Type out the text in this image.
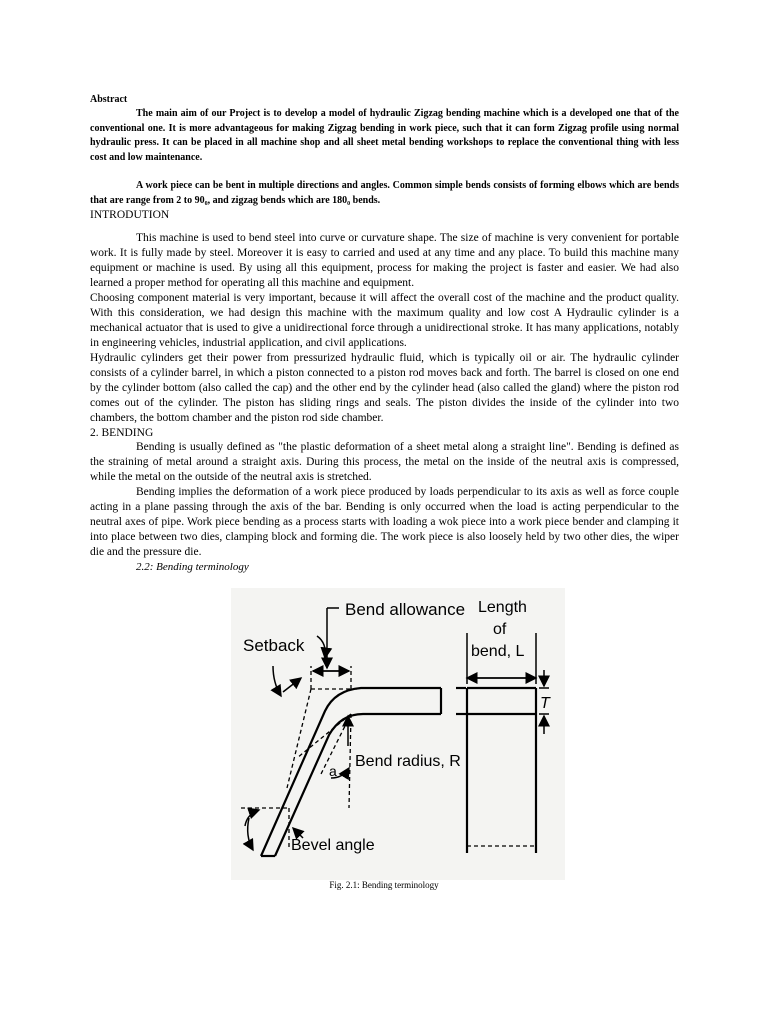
Abstract

The main aim of our Project is to develop a model of hydraulic Zigzag bending machine which is a developed one that of the conventional one. It is more advantageous for making Zigzag bending in work piece, such that it can form Zigzag profile using normal hydraulic press. It can be placed in all machine shop and all sheet metal bending workshops to replace the conventional thing with less cost and low maintenance.

A work piece can be bent in multiple directions and angles. Common simple bends consists of forming elbows which are bends that are range from 2 to 90₀, and zigzag bends which are 180₀ bends.

INTRODUTION

This machine is used to bend steel into curve or curvature shape. The size of machine is very convenient for portable work. It is fully made by steel. Moreover it is easy to carried and used at any time and any place. To build this machine many equipment or machine is used. By using all this equipment, process for making the project is faster and easier. We had also learned a proper method for operating all this machine and equipment.

Choosing component material is very important, because it will affect the overall cost of the machine and the product quality. With this consideration, we had design this machine with the maximum quality and low cost A Hydraulic cylinder is a mechanical actuator that is used to give a unidirectional force through a unidirectional stroke. It has many applications, notably in engineering vehicles, industrial application, and civil applications.

Hydraulic cylinders get their power from pressurized hydraulic fluid, which is typically oil or air. The hydraulic cylinder consists of a cylinder barrel, in which a piston connected to a piston rod moves back and forth. The barrel is closed on one end by the cylinder bottom (also called the cap) and the other end by the cylinder head (also called the gland) where the piston rod comes out of the cylinder. The piston has sliding rings and seals. The piston divides the inside of the cylinder into two chambers, the bottom chamber and the piston rod side chamber.

2. BENDING

Bending is usually defined as "the plastic deformation of a sheet metal along a straight line". Bending is defined as the straining of metal around a straight axis. During this process, the metal on the inside of the neutral axis is compressed, while the metal on the outside of the neutral axis is stretched.

Bending implies the deformation of a work piece produced by loads perpendicular to its axis as well as force couple acting in a plane passing through the axis of the bar. Bending is only occurred when the load is acting perpendicular to the neutral axes of pipe. Work piece bending as a process starts with loading a wok piece into a work piece bender and clamping it into place between two dies, clamping block and forming die. The work piece is also loosely held by two other dies, the wiper die and the pressure die.

2.2: Bending terminology

Bend allowance Length
of
bend, L
Setback
T
Bend radius, R
a
Bevel angle
Fig. 2.1: Bending terminology
